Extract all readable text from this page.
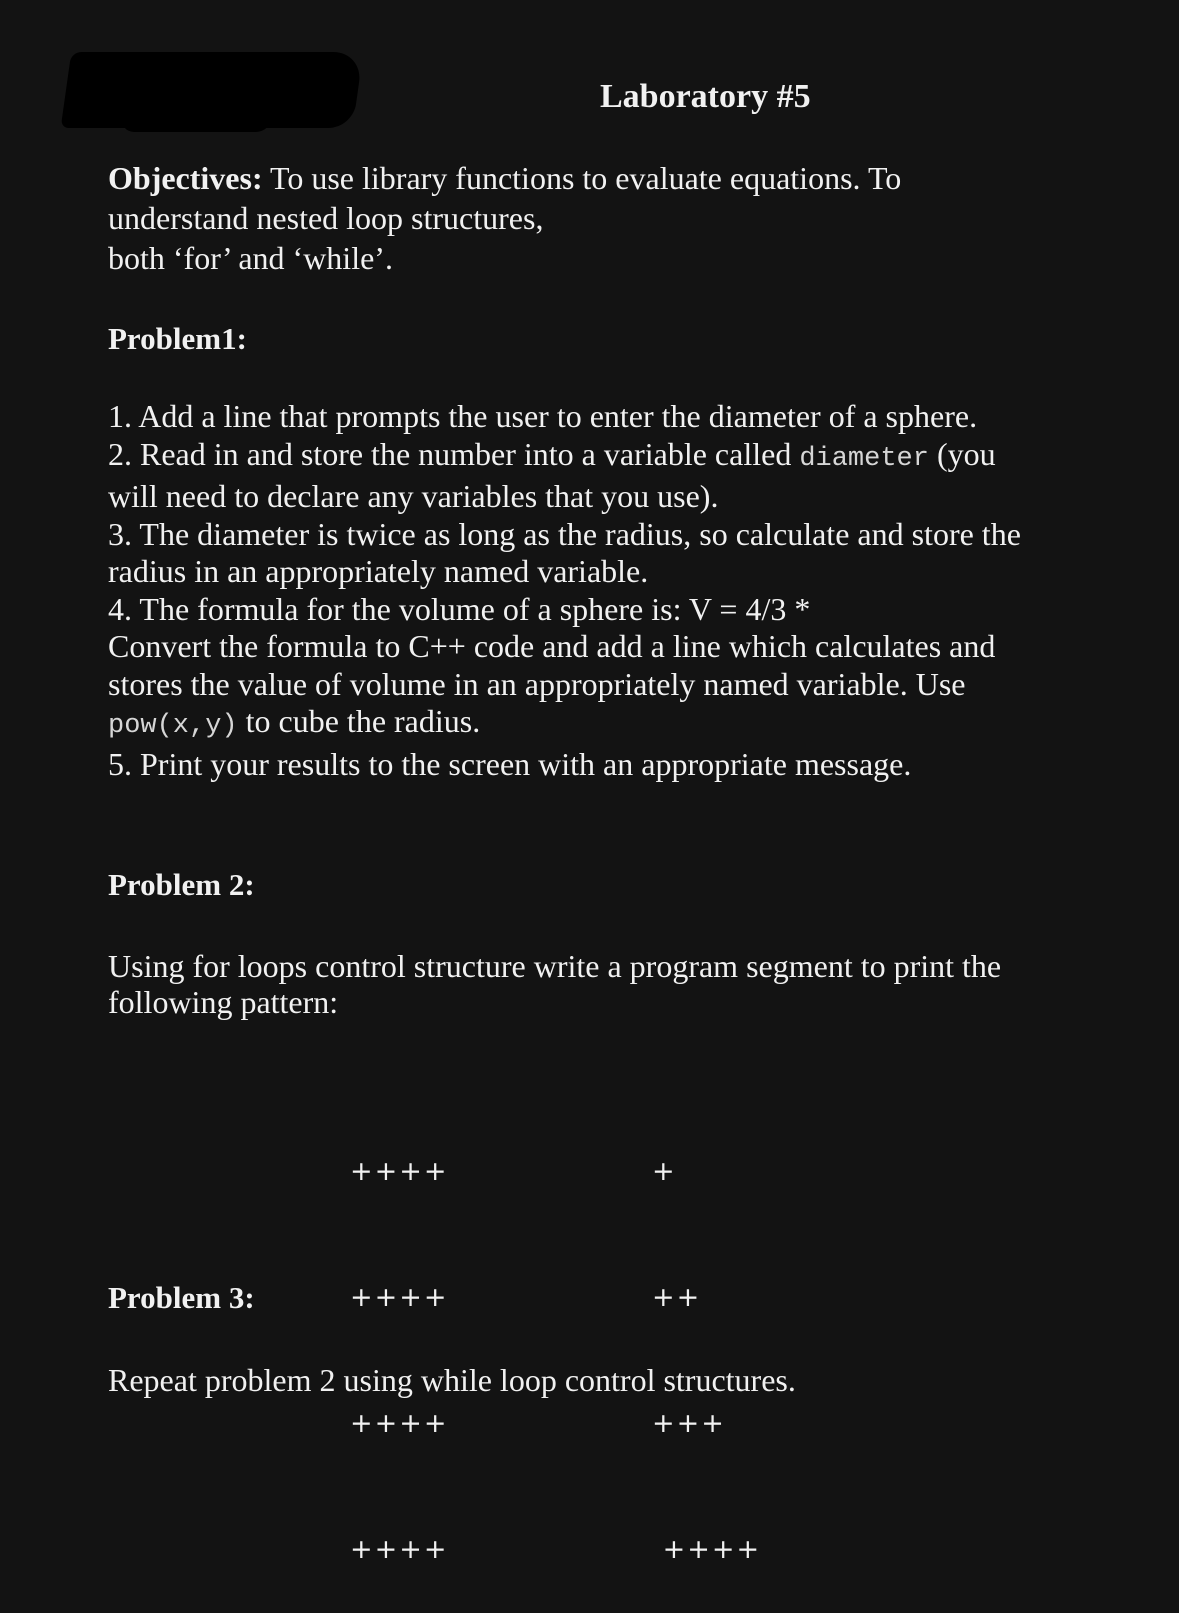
Laboratory #5
Objectives: To use library functions to evaluate equations. To
understand nested loop structures,
both ‘for’ and ‘while’.
Problem1:
1. Add a line that prompts the user to enter the diameter of a sphere.
2. Read in and store the number into a variable called diameter (you
will need to declare any variables that you use).
3. The diameter is twice as long as the radius, so calculate and store the
radius in an appropriately named variable.
4. The formula for the volume of a sphere is: V = 4/3 *
Convert the formula to C++ code and add a line which calculates and
stores the value of volume in an appropriately named variable. Use
pow(x,y) to cube the radius.
5. Print your results to the screen with an appropriate message.
Problem 2:
Using for loops control structure write a program segment to print the
following pattern:

++++

++++

++++

++++

+

++

+++

++++

Problem 3:
Repeat problem 2 using while loop control structures.
